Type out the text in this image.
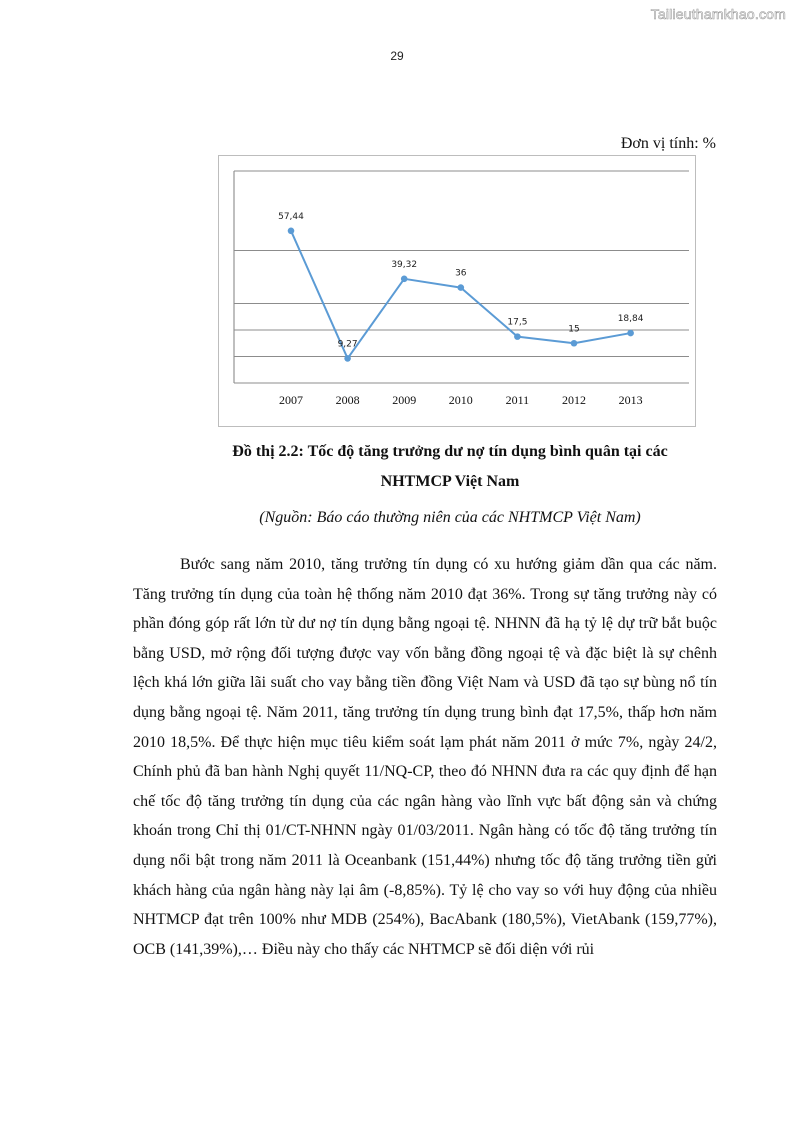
Tailieuthamkhao.com
29
Đơn vị tính: %
57,44
2007
9,27
2008
39,32
2009
36
2010
17,5
2011
15
2012
18,84
2013
Đồ thị 2.2: Tốc độ tăng trưởng dư nợ tín dụng bình quân tại các
NHTMCP Việt Nam
(Nguồn: Báo cáo thường niên của các NHTMCP Việt Nam)

Bước sang năm 2010, tăng trưởng tín dụng có xu hướng giảm dần qua các năm. Tăng trưởng tín dụng của toàn hệ thống năm 2010 đạt 36%. Trong sự tăng trưởng này có phần đóng góp rất lớn từ dư nợ tín dụng bằng ngoại tệ. NHNN đã hạ tỷ lệ dự trữ bắt buộc bằng USD, mở rộng đối tượng được vay vốn bằng đồng ngoại tệ và đặc biệt là sự chênh lệch khá lớn giữa lãi suất cho vay bằng tiền đồng Việt Nam và USD đã tạo sự bùng nổ tín dụng bằng ngoại tệ. Năm 2011, tăng trưởng tín dụng trung bình đạt 17,5%, thấp hơn năm 2010 18,5%. Để thực hiện mục tiêu kiểm soát lạm phát năm 2011 ở mức 7%, ngày 24/2, Chính phủ đã ban hành Nghị quyết 11/NQ-CP, theo đó NHNN đưa ra các quy định để hạn chế tốc độ tăng trưởng tín dụng của các ngân hàng vào lĩnh vực bất động sản và chứng khoán trong Chỉ thị 01/CT-NHNN ngày 01/03/2011. Ngân hàng có tốc độ tăng trưởng tín dụng nổi bật trong năm 2011 là Oceanbank (151,44%) nhưng tốc độ tăng trưởng tiền gửi khách hàng của ngân hàng này lại âm (-8,85%). Tỷ lệ cho vay so với huy động của nhiều NHTMCP đạt trên 100% như MDB (254%), BacAbank (180,5%), VietAbank (159,77%), OCB (141,39%),… Điều này cho thấy các NHTMCP sẽ đối diện với rủi
